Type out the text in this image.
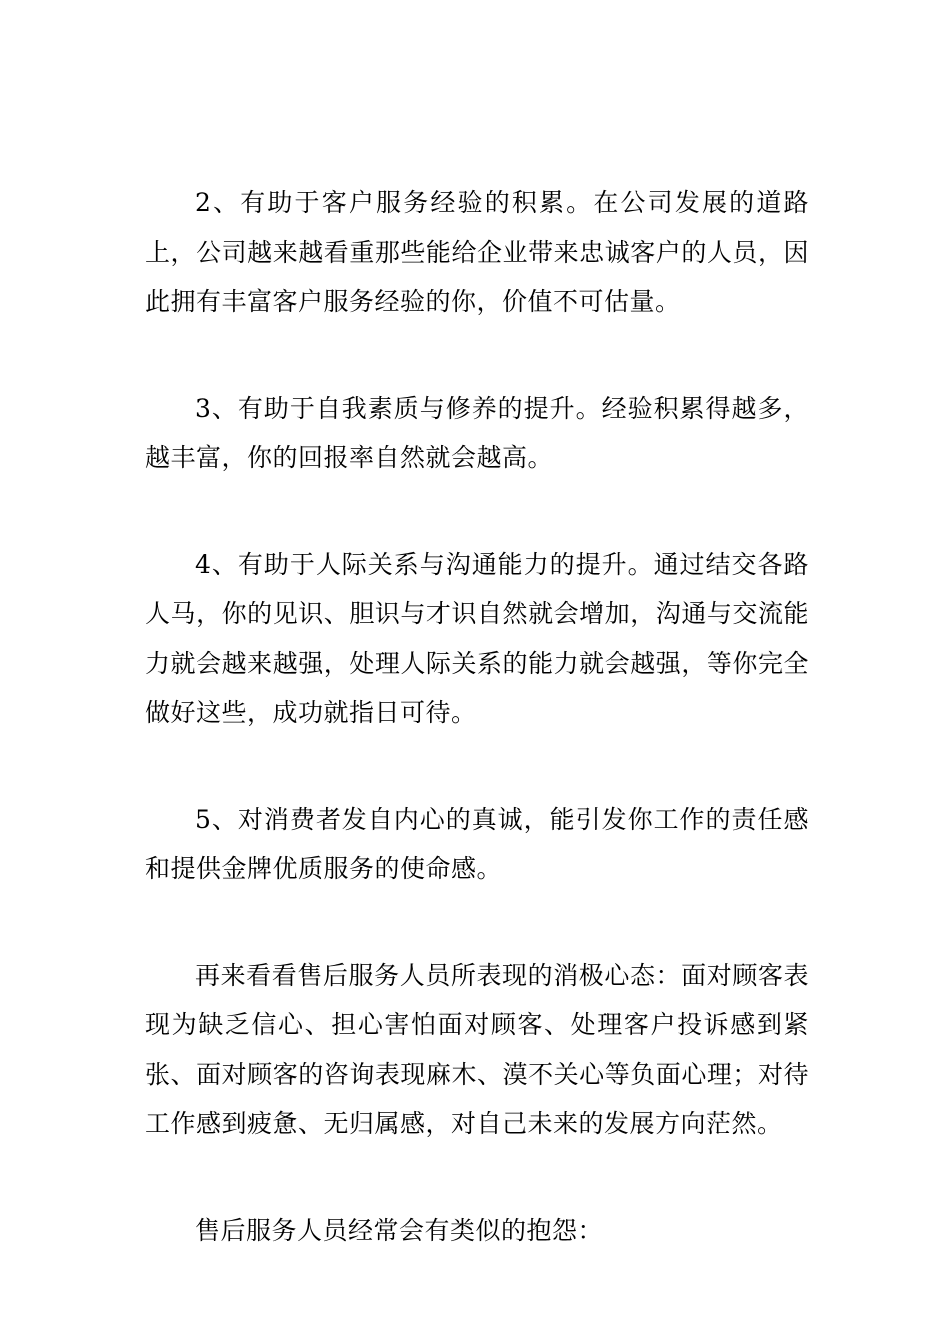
2、有助于客户服务经验的积累。在公司发展的道路上，公司越来越看重那些能给企业带来忠诚客户的人员，因此拥有丰富客户服务经验的你，价值不可估量。

3、有助于自我素质与修养的提升。经验积累得越多，越丰富，你的回报率自然就会越高。

4、有助于人际关系与沟通能力的提升。通过结交各路人马，你的见识、胆识与才识自然就会增加，沟通与交流能力就会越来越强，处理人际关系的能力就会越强，等你完全做好这些，成功就指日可待。

5、对消费者发自内心的真诚，能引发你工作的责任感和提供金牌优质服务的使命感。

再来看看售后服务人员所表现的消极心态：面对顾客表现为缺乏信心、担心害怕面对顾客、处理客户投诉感到紧张、面对顾客的咨询表现麻木、漠不关心等负面心理；对待工作感到疲惫、无归属感，对自己未来的发展方向茫然。

售后服务人员经常会有类似的抱怨：
